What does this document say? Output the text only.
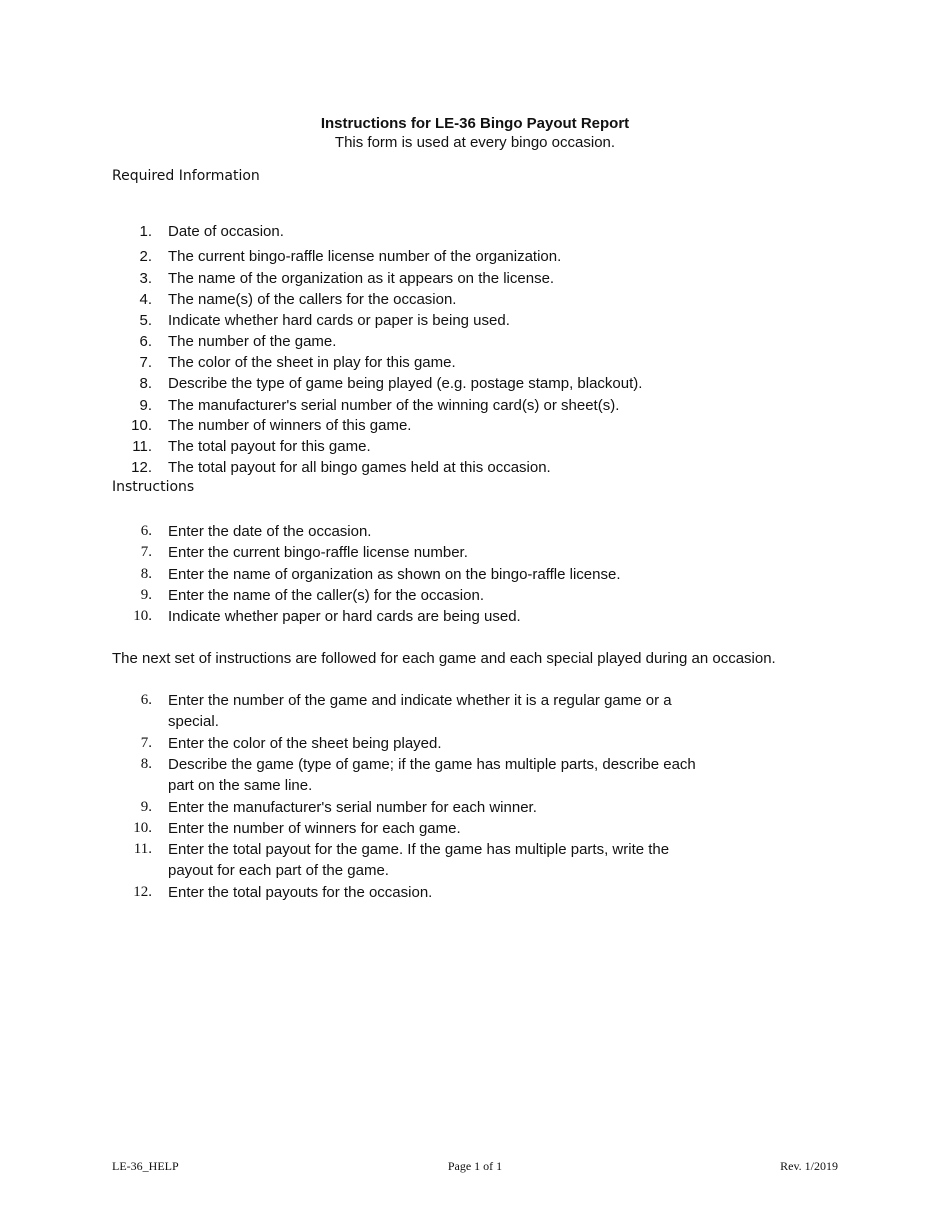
Instructions for LE-36 Bingo Payout Report
This form is used at every bingo occasion.
Required Information
1. Date of occasion.
2. The current bingo-raffle license number of the organization.
3. The name of the organization as it appears on the license.
4. The name(s) of the callers for the occasion.
5. Indicate whether hard cards or paper is being used.
6. The number of the game.
7. The color of the sheet in play for this game.
8. Describe the type of game being played (e.g. postage stamp, blackout).
9. The manufacturer's serial number of the winning card(s) or sheet(s).
10. The number of winners of this game.
11. The total payout for this game.
12. The total payout for all bingo games held at this occasion.
Instructions
6. Enter the date of the occasion.
7. Enter the current bingo-raffle license number.
8. Enter the name of organization as shown on the bingo-raffle license.
9. Enter the name of the caller(s) for the occasion.
10. Indicate whether paper or hard cards are being used.
The next set of instructions are followed for each game and each special played during an occasion.
6. Enter the number of the game and indicate whether it is a regular game or a
special.
7. Enter the color of the sheet being played.
8. Describe the game (type of game; if the game has multiple parts, describe each
part on the same line.
9. Enter the manufacturer's serial number for each winner.
10. Enter the number of winners for each game.
11. Enter the total payout for the game. If the game has multiple parts, write the
payout for each part of the game.
12. Enter the total payouts for the occasion.
LE-36_HELP	Page 1 of 1	Rev. 1/2019
